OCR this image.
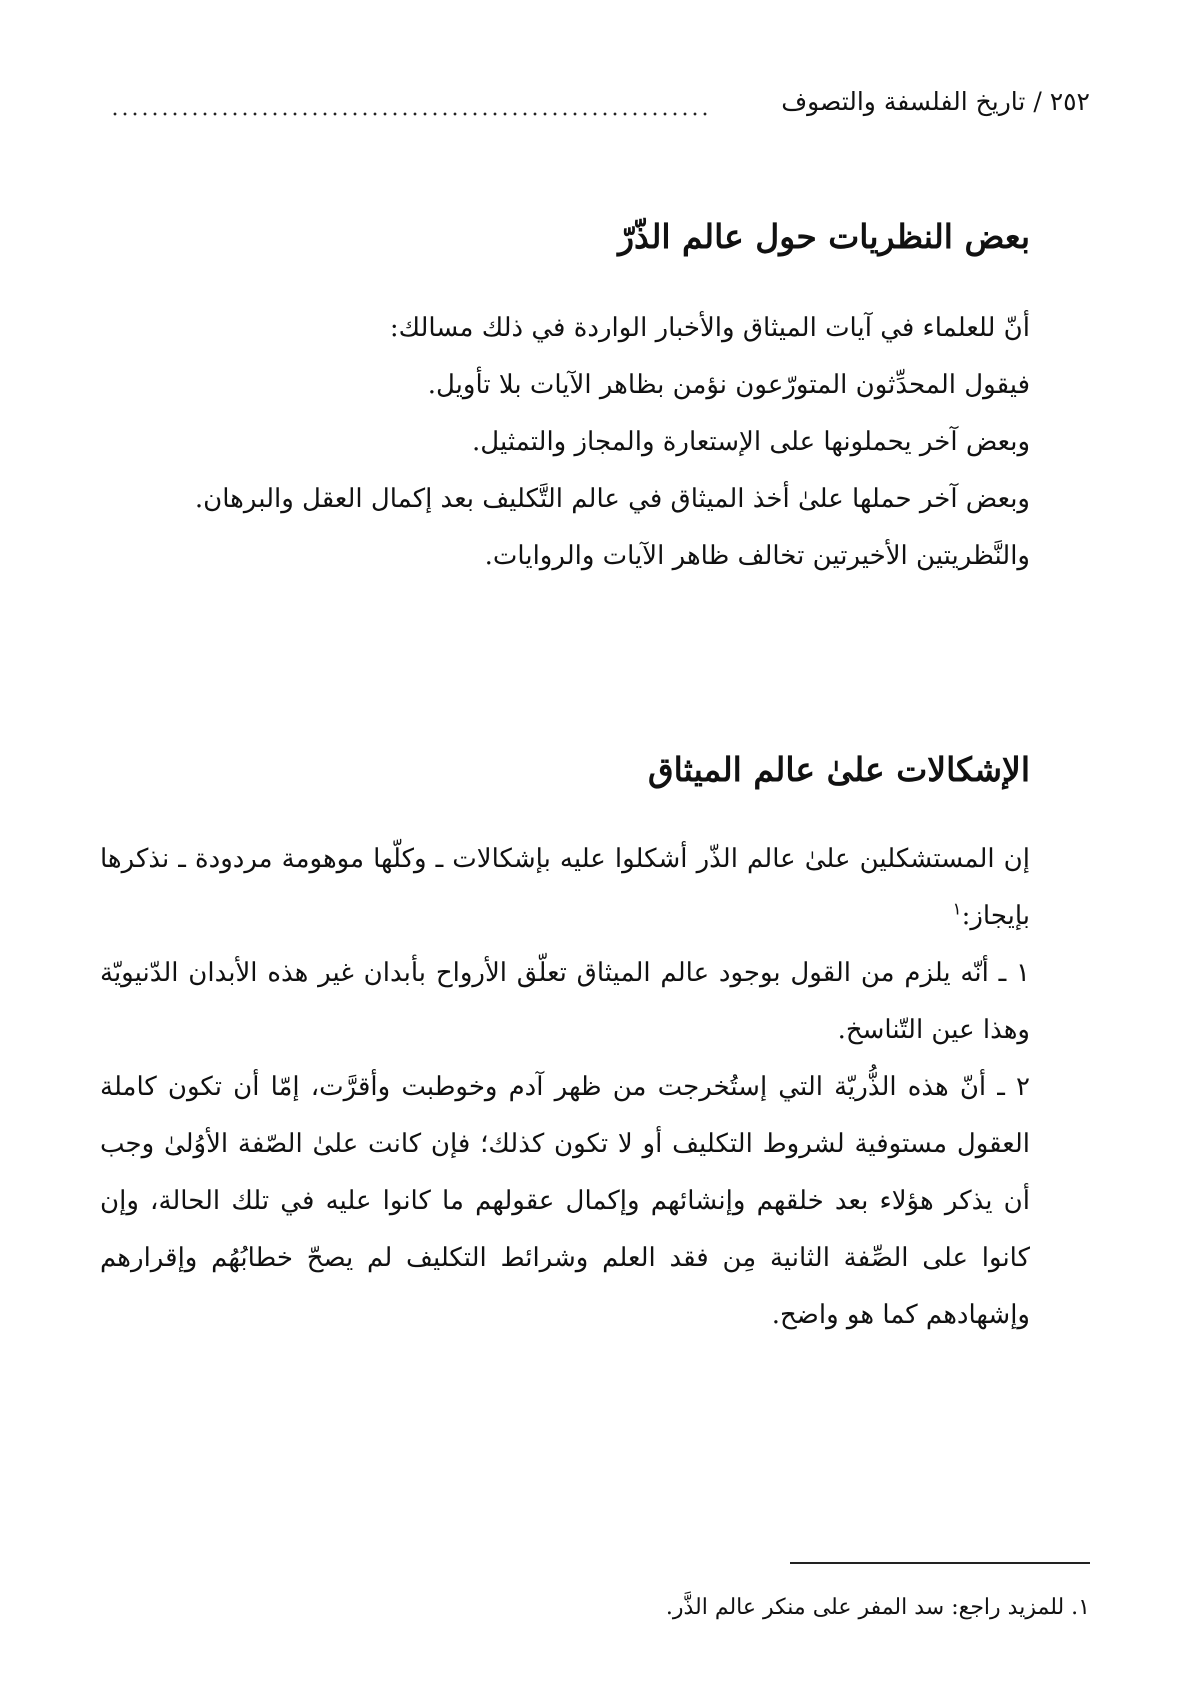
٢٥٢ / تاريخ الفلسفة والتصوف
بعض النظريات حول عالم الذّرّ

أنّ للعلماء في آيات الميثاق والأخبار الواردة في ذلك مسالك:

فيقول المحدِّثون المتورّعون نؤمن بظاهر الآيات بلا تأويل.

وبعض آخر يحملونها على الإستعارة والمجاز والتمثيل.

وبعض آخر حملها علىٰ أخذ الميثاق في عالم التَّكليف بعد إكمال العقل والبرهان.

والنَّظريتين الأخيرتين تخالف ظاهر الآيات والروايات.

الإشكالات علىٰ عالم الميثاق

إن المستشكلين علىٰ عالم الذّر أشكلوا عليه بإشكالات ـ وكلّها موهومة مردودة ـ نذكرها بإيجاز:$^١$

١ ـ أنّه يلزم من القول بوجود عالم الميثاق تعلّق الأرواح بأبدان غير هذه الأبدان الدّنيويّة وهذا عين التّناسخ.

٢ ـ أنّ هذه الذُّريّة التي إستُخرجت من ظهر آدم وخوطبت وأقرَّت، إمّا أن تكون كاملة العقول مستوفية لشروط التكليف أو لا تكون كذلك؛ فإن كانت علىٰ الصّفة الأوُلىٰ وجب أن يذكر هؤلاء بعد خلقهم وإنشائهم وإكمال عقولهم ما كانوا عليه في تلك الحالة، وإن كانوا على الصِّفة الثانية مِن فقد العلم وشرائط التكليف لم يصحّ خطابُهُم وإقرارهم وإشهادهم كما هو واضح.

١. للمزيد راجع: سد المفر على منكر عالم الذَّر.
